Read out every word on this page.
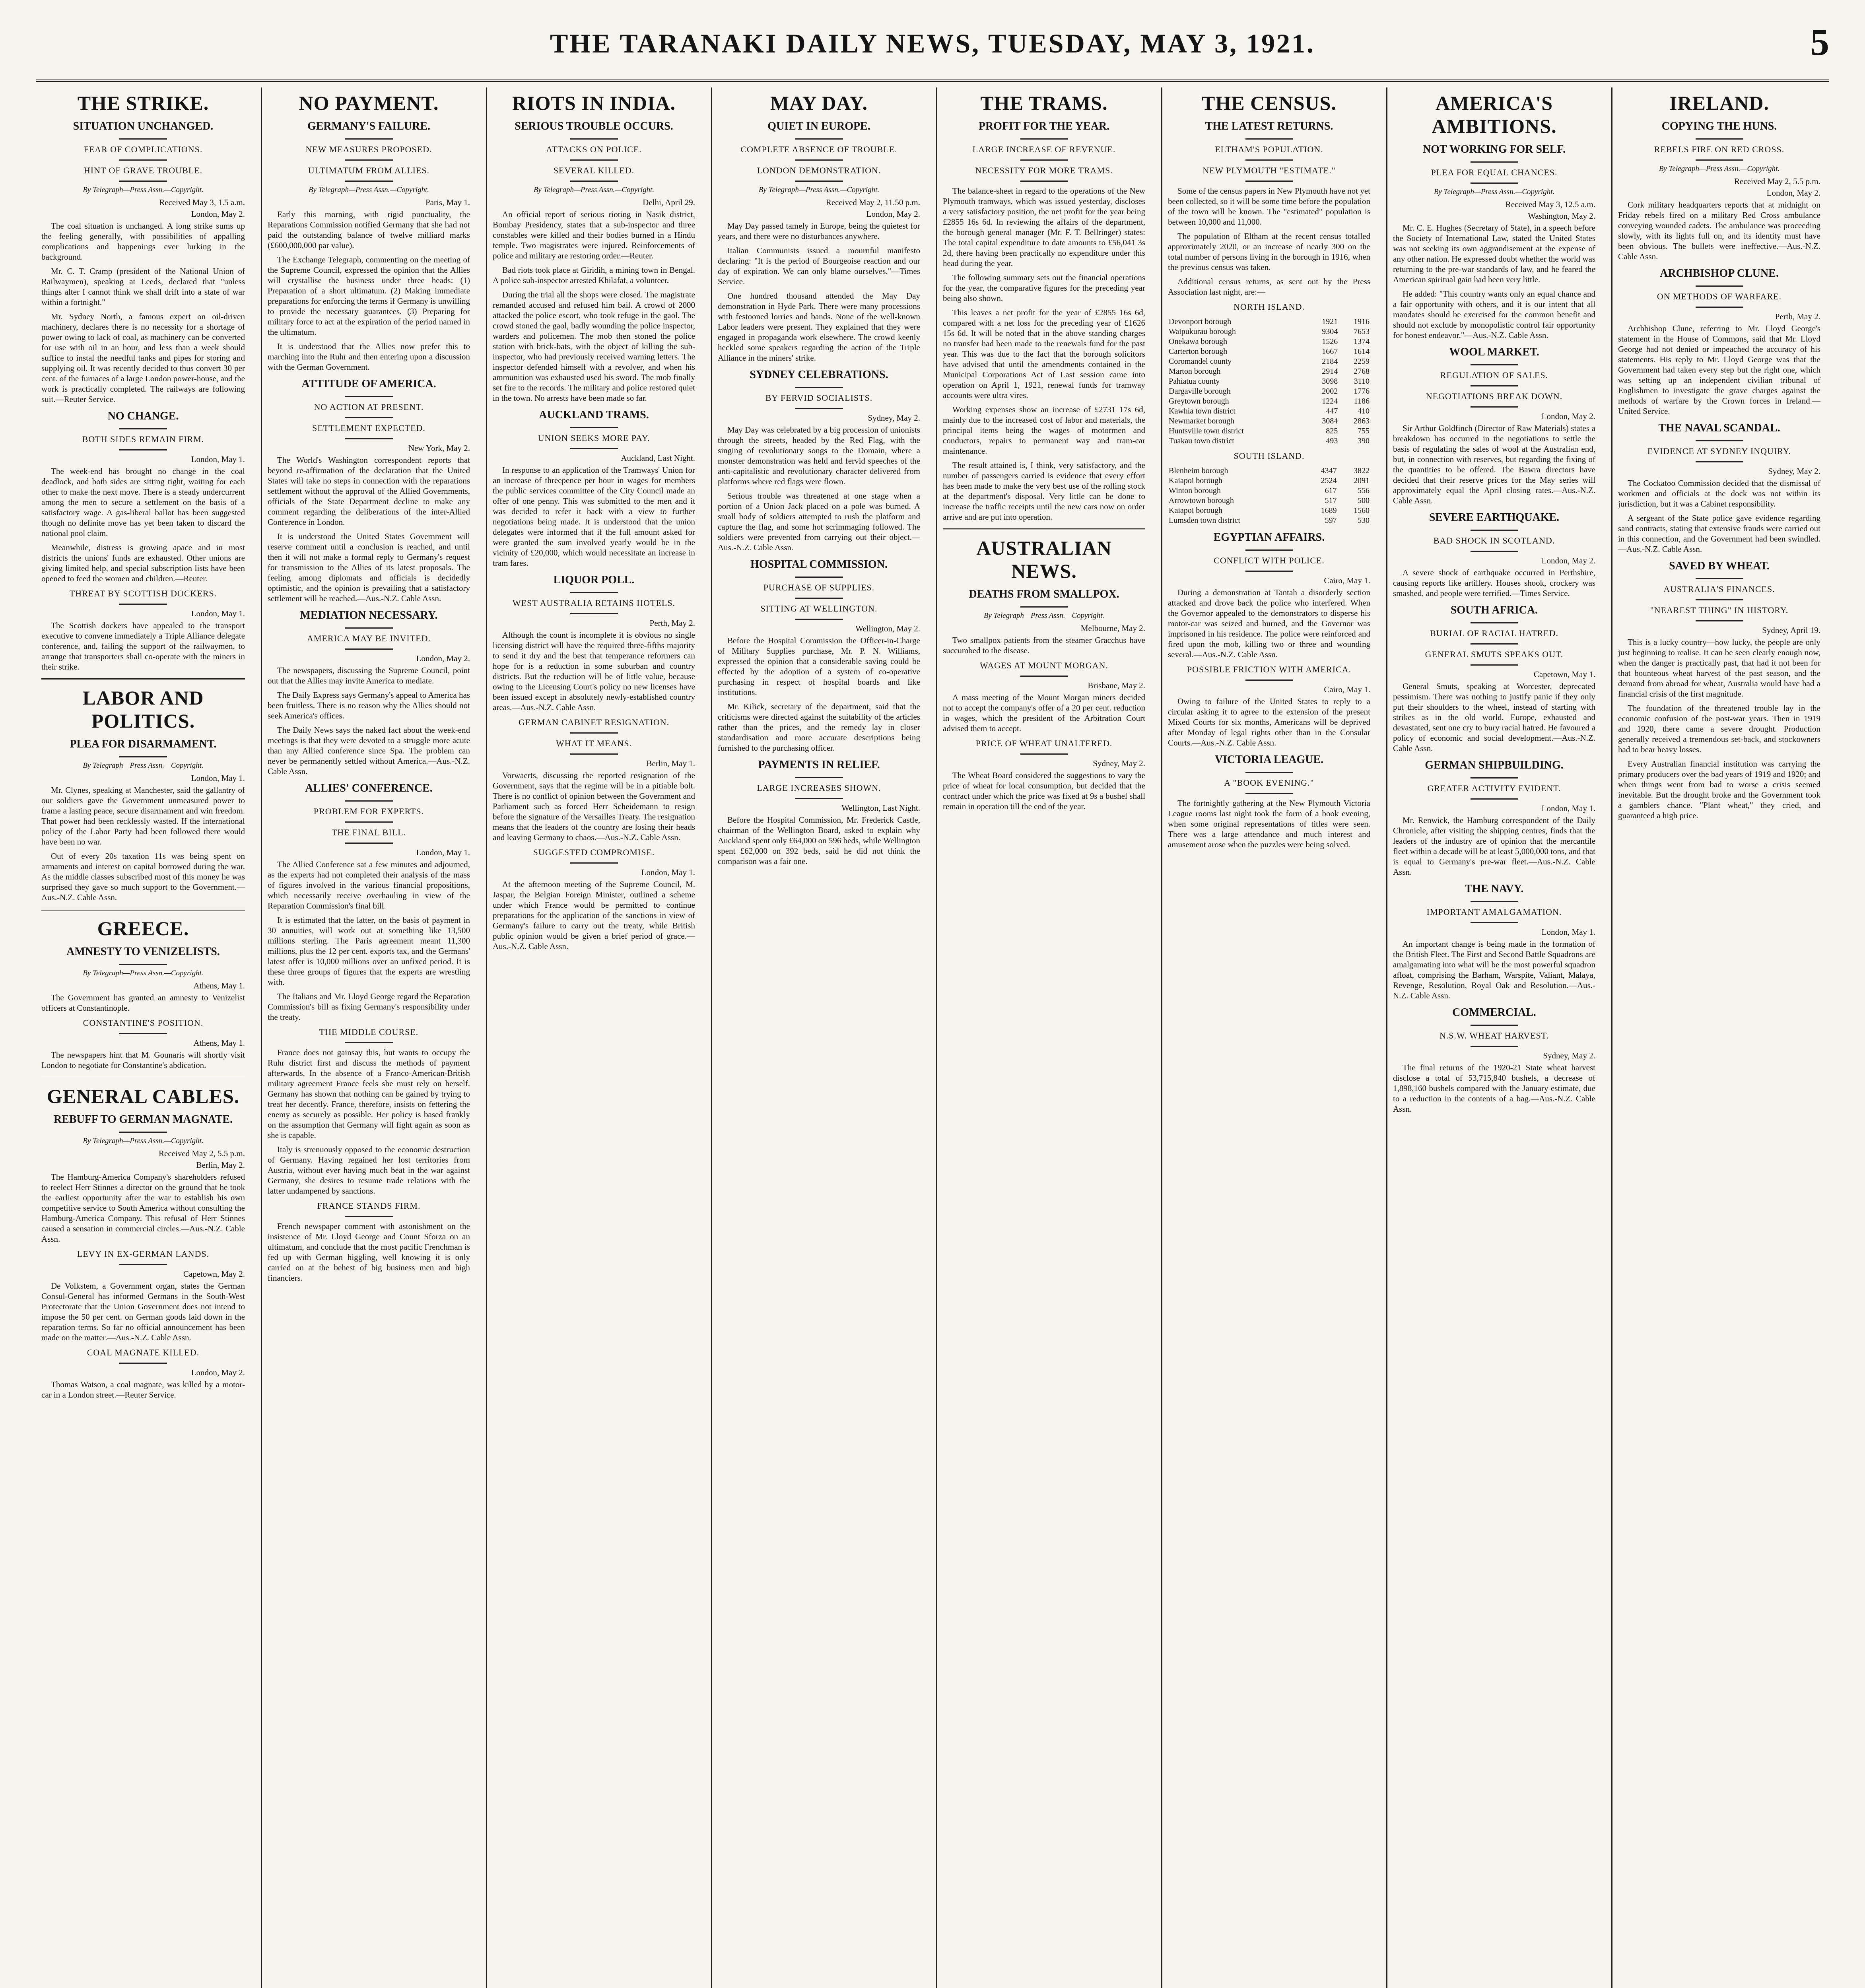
THE TARANAKI DAILY NEWS, TUESDAY, MAY 3, 1921.	5
THE STRIKE.
SITUATION UNCHANGED.
FEAR OF COMPLICATIONS.
HINT OF GRAVE TROUBLE.
By Telegraph—Press Assn.—Copyright.
Received May 3, 1.5 a.m.
London, May 2.

The coal situation is unchanged. A long strike sums up the feeling generally, with possibilities of appalling complications and happenings ever lurking in the background.

Mr. C. T. Cramp (president of the National Union of Railwaymen), speaking at Leeds, declared that "unless things alter I cannot think we shall drift into a state of war within a fortnight."

Mr. Sydney North, a famous expert on oil-driven machinery, declares there is no necessity for a shortage of power owing to lack of coal, as machinery can be converted for use with oil in an hour, and less than a week should suffice to instal the needful tanks and pipes for storing and supplying oil. It was recently decided to thus convert 30 per cent. of the furnaces of a large London power-house, and the work is practically completed. The railways are following suit.—Reuter Service.

NO CHANGE.
BOTH SIDES REMAIN FIRM.
London, May 1.

The week-end has brought no change in the coal deadlock, and both sides are sitting tight, waiting for each other to make the next move. There is a steady undercurrent among the men to secure a settlement on the basis of a satisfactory wage. A gas-liberal ballot has been suggested though no definite move has yet been taken to discard the national pool claim.

Meanwhile, distress is growing apace and in most districts the unions' funds are exhausted. Other unions are giving limited help, and special subscription lists have been opened to feed the women and children.—Reuter.

THREAT BY SCOTTISH DOCKERS.
London, May 1.

The Scottish dockers have appealed to the transport executive to convene immediately a Triple Alliance delegate conference, and, failing the support of the railwaymen, to arrange that transporters shall co-operate with the miners in their strike.

LABOR AND POLITICS.
PLEA FOR DISARMAMENT.
By Telegraph—Press Assn.—Copyright.
London, May 1.

Mr. Clynes, speaking at Manchester, said the gallantry of our soldiers gave the Government unmeasured power to frame a lasting peace, secure disarmament and win freedom. That power had been recklessly wasted. If the international policy of the Labor Party had been followed there would have been no war.

Out of every 20s taxation 11s was being spent on armaments and interest on capital borrowed during the war. As the middle classes subscribed most of this money he was surprised they gave so much support to the Government.—Aus.-N.Z. Cable Assn.

GREECE.
AMNESTY TO VENIZELISTS.
By Telegraph—Press Assn.—Copyright.
Athens, May 1.

The Government has granted an amnesty to Venizelist officers at Constantinople.

CONSTANTINE'S POSITION.
Athens, May 1.

The newspapers hint that M. Gounaris will shortly visit London to negotiate for Constantine's abdication.

GENERAL CABLES.
REBUFF TO GERMAN MAGNATE.
By Telegraph—Press Assn.—Copyright.
Received May 2, 5.5 p.m.
Berlin, May 2.

The Hamburg-America Company's shareholders refused to reelect Herr Stinnes a director on the ground that he took the earliest opportunity after the war to establish his own competitive service to South America without consulting the Hamburg-America Company. This refusal of Herr Stinnes caused a sensation in commercial circles.—Aus.-N.Z. Cable Assn.

LEVY IN EX-GERMAN LANDS.
Capetown, May 2.

De Volkstem, a Government organ, states the German Consul-General has informed Germans in the South-West Protectorate that the Union Government does not intend to impose the 50 per cent. on German goods laid down in the reparation terms. So far no official announcement has been made on the matter.—Aus.-N.Z. Cable Assn.

COAL MAGNATE KILLED.
London, May 2.

Thomas Watson, a coal magnate, was killed by a motor-car in a London street.—Reuter Service.

NO PAYMENT.
GERMANY'S FAILURE.
NEW MEASURES PROPOSED.
ULTIMATUM FROM ALLIES.
By Telegraph—Press Assn.—Copyright.
Paris, May 1.

Early this morning, with rigid punctuality, the Reparations Commission notified Germany that she had not paid the outstanding balance of twelve milliard marks (£600,000,000 par value).

The Exchange Telegraph, commenting on the meeting of the Supreme Council, expressed the opinion that the Allies will crystallise the business under three heads: (1) Preparation of a short ultimatum. (2) Making immediate preparations for enforcing the terms if Germany is unwilling to provide the necessary guarantees. (3) Preparing for military force to act at the expiration of the period named in the ultimatum.

It is understood that the Allies now prefer this to marching into the Ruhr and then entering upon a discussion with the German Government.

ATTITUDE OF AMERICA.
NO ACTION AT PRESENT.
SETTLEMENT EXPECTED.
New York, May 2.

The World's Washington correspondent reports that beyond re-affirmation of the declaration that the United States will take no steps in connection with the reparations settlement without the approval of the Allied Governments, officials of the State Department decline to make any comment regarding the deliberations of the inter-Allied Conference in London.

It is understood the United States Government will reserve comment until a conclusion is reached, and until then it will not make a formal reply to Germany's request for transmission to the Allies of its latest proposals. The feeling among diplomats and officials is decidedly optimistic, and the opinion is prevailing that a satisfactory settlement will be reached.—Aus.-N.Z. Cable Assn.

MEDIATION NECESSARY.
AMERICA MAY BE INVITED.
London, May 2.

The newspapers, discussing the Supreme Council, point out that the Allies may invite America to mediate.

The Daily Express says Germany's appeal to America has been fruitless. There is no reason why the Allies should not seek America's offices.

The Daily News says the naked fact about the week-end meetings is that they were devoted to a struggle more acute than any Allied conference since Spa. The problem can never be permanently settled without America.—Aus.-N.Z. Cable Assn.

ALLIES' CONFERENCE.
PROBLEM FOR EXPERTS.
THE FINAL BILL.
London, May 1.

The Allied Conference sat a few minutes and adjourned, as the experts had not completed their analysis of the mass of figures involved in the various financial propositions, which necessarily receive overhauling in view of the Reparation Commission's final bill.

It is estimated that the latter, on the basis of payment in 30 annuities, will work out at something like 13,500 millions sterling. The Paris agreement meant 11,300 millions, plus the 12 per cent. exports tax, and the Germans' latest offer is 10,000 millions over an unfixed period. It is these three groups of figures that the experts are wrestling with.

The Italians and Mr. Lloyd George regard the Reparation Commission's bill as fixing Germany's responsibility under the treaty.

THE MIDDLE COURSE.

France does not gainsay this, but wants to occupy the Ruhr district first and discuss the methods of payment afterwards. In the absence of a Franco-American-British military agreement France feels she must rely on herself. Germany has shown that nothing can be gained by trying to treat her decently. France, therefore, insists on fettering the enemy as securely as possible. Her policy is based frankly on the assumption that Germany will fight again as soon as she is capable.

Italy is strenuously opposed to the economic destruction of Germany. Having regained her lost territories from Austria, without ever having much beat in the war against Germany, she desires to resume trade relations with the latter undampened by sanctions.

FRANCE STANDS FIRM.

French newspaper comment with astonishment on the insistence of Mr. Lloyd George and Count Sforza on an ultimatum, and conclude that the most pacific Frenchman is fed up with German higgling, well knowing it is only carried on at the behest of big business men and high financiers.

RIOTS IN INDIA.
SERIOUS TROUBLE OCCURS.
ATTACKS ON POLICE.
SEVERAL KILLED.
By Telegraph—Press Assn.—Copyright.
Delhi, April 29.

An official report of serious rioting in Nasik district, Bombay Presidency, states that a sub-inspector and three constables were killed and their bodies burned in a Hindu temple. Two magistrates were injured. Reinforcements of police and military are restoring order.—Reuter.

Bad riots took place at Giridih, a mining town in Bengal. A police sub-inspector arrested Khilafat, a volunteer.

During the trial all the shops were closed. The magistrate remanded accused and refused him bail. A crowd of 2000 attacked the police escort, who took refuge in the gaol. The crowd stoned the gaol, badly wounding the police inspector, warders and policemen. The mob then stoned the police station with brick-bats, with the object of killing the sub-inspector, who had previously received warning letters. The inspector defended himself with a revolver, and when his ammunition was exhausted used his sword. The mob finally set fire to the records. The military and police restored quiet in the town. No arrests have been made so far.

AUCKLAND TRAMS.
UNION SEEKS MORE PAY.
Auckland, Last Night.

In response to an application of the Tramways' Union for an increase of threepence per hour in wages for members the public services committee of the City Council made an offer of one penny. This was submitted to the men and it was decided to refer it back with a view to further negotiations being made. It is understood that the union delegates were informed that if the full amount asked for were granted the sum involved yearly would be in the vicinity of £20,000, which would necessitate an increase in tram fares.

LIQUOR POLL.
WEST AUSTRALIA RETAINS HOTELS.
Perth, May 2.

Although the count is incomplete it is obvious no single licensing district will have the required three-fifths majority to send it dry and the best that temperance reformers can hope for is a reduction in some suburban and country districts. But the reduction will be of little value, because owing to the Licensing Court's policy no new licenses have been issued except in absolutely newly-established country areas.—Aus.-N.Z. Cable Assn.

GERMAN CABINET RESIGNATION.
WHAT IT MEANS.
Berlin, May 1.

Vorwaerts, discussing the reported resignation of the Government, says that the regime will be in a pitiable bolt. There is no conflict of opinion between the Government and Parliament such as forced Herr Scheidemann to resign before the signature of the Versailles Treaty. The resignation means that the leaders of the country are losing their heads and leaving Germany to chaos.—Aus.-N.Z. Cable Assn.

SUGGESTED COMPROMISE.
London, May 1.

At the afternoon meeting of the Supreme Council, M. Jaspar, the Belgian Foreign Minister, outlined a scheme under which France would be permitted to continue preparations for the application of the sanctions in view of Germany's failure to carry out the treaty, while British public opinion would be given a brief period of grace.—Aus.-N.Z. Cable Assn.

MAY DAY.
QUIET IN EUROPE.
COMPLETE ABSENCE OF TROUBLE.
LONDON DEMONSTRATION.
By Telegraph—Press Assn.—Copyright.
Received May 2, 11.50 p.m.
London, May 2.

May Day passed tamely in Europe, being the quietest for years, and there were no disturbances anywhere.

Italian Communists issued a mournful manifesto declaring: "It is the period of Bourgeoise reaction and our day of expiration. We can only blame ourselves."—Times Service.

One hundred thousand attended the May Day demonstration in Hyde Park. There were many processions with festooned lorries and bands. None of the well-known Labor leaders were present. They explained that they were engaged in propaganda work elsewhere. The crowd keenly heckled some speakers regarding the action of the Triple Alliance in the miners' strike.

SYDNEY CELEBRATIONS.
BY FERVID SOCIALISTS.
Sydney, May 2.

May Day was celebrated by a big procession of unionists through the streets, headed by the Red Flag, with the singing of revolutionary songs to the Domain, where a monster demonstration was held and fervid speeches of the anti-capitalistic and revolutionary character delivered from platforms where red flags were flown.

Serious trouble was threatened at one stage when a portion of a Union Jack placed on a pole was burned. A small body of soldiers attempted to rush the platform and capture the flag, and some hot scrimmaging followed. The soldiers were prevented from carrying out their object.—Aus.-N.Z. Cable Assn.

HOSPITAL COMMISSION.
PURCHASE OF SUPPLIES.
SITTING AT WELLINGTON.
Wellington, May 2.

Before the Hospital Commission the Officer-in-Charge of Military Supplies purchase, Mr. P. N. Williams, expressed the opinion that a considerable saving could be effected by the adoption of a system of co-operative purchasing in respect of hospital boards and like institutions.

Mr. Kilick, secretary of the department, said that the criticisms were directed against the suitability of the articles rather than the prices, and the remedy lay in closer standardisation and more accurate descriptions being furnished to the purchasing officer.

PAYMENTS IN RELIEF.
LARGE INCREASES SHOWN.
Wellington, Last Night.

Before the Hospital Commission, Mr. Frederick Castle, chairman of the Wellington Board, asked to explain why Auckland spent only £64,000 on 596 beds, while Wellington spent £62,000 on 392 beds, said he did not think the comparison was a fair one.

THE TRAMS.
PROFIT FOR THE YEAR.
LARGE INCREASE OF REVENUE.
NECESSITY FOR MORE TRAMS.

The balance-sheet in regard to the operations of the New Plymouth tramways, which was issued yesterday, discloses a very satisfactory position, the net profit for the year being £2855 16s 6d. In reviewing the affairs of the department, the borough general manager (Mr. F. T. Bellringer) states: The total capital expenditure to date amounts to £56,041 3s 2d, there having been practically no expenditure under this head during the year.

The following summary sets out the financial operations for the year, the comparative figures for the preceding year being also shown.

This leaves a net profit for the year of £2855 16s 6d, compared with a net loss for the preceding year of £1626 15s 6d. It will be noted that in the above standing charges no transfer had been made to the renewals fund for the past year. This was due to the fact that the borough solicitors have advised that until the amendments contained in the Municipal Corporations Act of Last session came into operation on April 1, 1921, renewal funds for tramway accounts were ultra vires.

Working expenses show an increase of £2731 17s 6d, mainly due to the increased cost of labor and materials, the principal items being the wages of motormen and conductors, repairs to permanent way and tram-car maintenance.

The result attained is, I think, very satisfactory, and the number of passengers carried is evidence that every effort has been made to make the very best use of the rolling stock at the department's disposal. Very little can be done to increase the traffic receipts until the new cars now on order arrive and are put into operation.

AUSTRALIAN NEWS.
DEATHS FROM SMALLPOX.
By Telegraph—Press Assn.—Copyright.
Melbourne, May 2.

Two smallpox patients from the steamer Gracchus have succumbed to the disease.

WAGES AT MOUNT MORGAN.
Brisbane, May 2.

A mass meeting of the Mount Morgan miners decided not to accept the company's offer of a 20 per cent. reduction in wages, which the president of the Arbitration Court advised them to accept.

PRICE OF WHEAT UNALTERED.
Sydney, May 2.

The Wheat Board considered the suggestions to vary the price of wheat for local consumption, but decided that the contract under which the price was fixed at 9s a bushel shall remain in operation till the end of the year.

THE CENSUS.
THE LATEST RETURNS.
ELTHAM'S POPULATION.
NEW PLYMOUTH "ESTIMATE."

Some of the census papers in New Plymouth have not yet been collected, so it will be some time before the population of the town will be known. The "estimated" population is between 10,000 and 11,000.

The population of Eltham at the recent census totalled approximately 2020, or an increase of nearly 300 on the total number of persons living in the borough in 1916, when the previous census was taken.

Additional census returns, as sent out by the Press Association last night, are:—

NORTH ISLAND.
Devonport borough	1921	1916
Waipukurau borough	9304	7653
Onekawa borough	1526	1374
Carterton borough	1667	1614
Coromandel county	2184	2259
Marton borough	2914	2768
Pahiatua county	3098	3110
Dargaville borough	2002	1776
Greytown borough	1224	1186
Kawhia town district	447	410
Newmarket borough	3084	2863
Huntsville town district	825	755
Tuakau town district	493	390
SOUTH ISLAND.
Blenheim borough	4347	3822
Kaiapoi borough	2524	2091
Winton borough	617	556
Arrowtown borough	517	500
Kaiapoi borough	1689	1560
Lumsden town district	597	530
EGYPTIAN AFFAIRS.
CONFLICT WITH POLICE.
Cairo, May 1.

During a demonstration at Tantah a disorderly section attacked and drove back the police who interfered. When the Governor appealed to the demonstrators to disperse his motor-car was seized and burned, and the Governor was imprisoned in his residence. The police were reinforced and fired upon the mob, killing two or three and wounding several.—Aus.-N.Z. Cable Assn.

POSSIBLE FRICTION WITH AMERICA.
Cairo, May 1.

Owing to failure of the United States to reply to a circular asking it to agree to the extension of the present Mixed Courts for six months, Americans will be deprived after Monday of legal rights other than in the Consular Courts.—Aus.-N.Z. Cable Assn.

VICTORIA LEAGUE.
A "BOOK EVENING."

The fortnightly gathering at the New Plymouth Victoria League rooms last night took the form of a book evening, when some original representations of titles were seen. There was a large attendance and much interest and amusement arose when the puzzles were being solved.

AMERICA'S AMBITIONS.
NOT WORKING FOR SELF.
PLEA FOR EQUAL CHANCES.
By Telegraph—Press Assn.—Copyright.
Received May 3, 12.5 a.m.
Washington, May 2.

Mr. C. E. Hughes (Secretary of State), in a speech before the Society of International Law, stated the United States was not seeking its own aggrandisement at the expense of any other nation. He expressed doubt whether the world was returning to the pre-war standards of law, and he feared the American spiritual gain had been very little.

He added: "This country wants only an equal chance and a fair opportunity with others, and it is our intent that all mandates should be exercised for the common benefit and should not exclude by monopolistic control fair opportunity for honest endeavor."—Aus.-N.Z. Cable Assn.

WOOL MARKET.
REGULATION OF SALES.
NEGOTIATIONS BREAK DOWN.
London, May 2.

Sir Arthur Goldfinch (Director of Raw Materials) states a breakdown has occurred in the negotiations to settle the basis of regulating the sales of wool at the Australian end, but, in connection with reserves, but regarding the fixing of the quantities to be offered. The Bawra directors have decided that their reserve prices for the May series will approximately equal the April closing rates.—Aus.-N.Z. Cable Assn.

SEVERE EARTHQUAKE.
BAD SHOCK IN SCOTLAND.
London, May 2.

A severe shock of earthquake occurred in Perthshire, causing reports like artillery. Houses shook, crockery was smashed, and people were terrified.—Times Service.

SOUTH AFRICA.
BURIAL OF RACIAL HATRED.
GENERAL SMUTS SPEAKS OUT.
Capetown, May 1.

General Smuts, speaking at Worcester, deprecated pessimism. There was nothing to justify panic if they only put their shoulders to the wheel, instead of starting with strikes as in the old world. Europe, exhausted and devastated, sent one cry to bury racial hatred. He favoured a policy of economic and social development.—Aus.-N.Z. Cable Assn.

GERMAN SHIPBUILDING.
GREATER ACTIVITY EVIDENT.
London, May 1.

Mr. Renwick, the Hamburg correspondent of the Daily Chronicle, after visiting the shipping centres, finds that the leaders of the industry are of opinion that the mercantile fleet within a decade will be at least 5,000,000 tons, and that is equal to Germany's pre-war fleet.—Aus.-N.Z. Cable Assn.

THE NAVY.
IMPORTANT AMALGAMATION.
London, May 1.

An important change is being made in the formation of the British Fleet. The First and Second Battle Squadrons are amalgamating into what will be the most powerful squadron afloat, comprising the Barham, Warspite, Valiant, Malaya, Revenge, Resolution, Royal Oak and Resolution.—Aus.-N.Z. Cable Assn.

COMMERCIAL.
N.S.W. WHEAT HARVEST.
Sydney, May 2.

The final returns of the 1920-21 State wheat harvest disclose a total of 53,715,840 bushels, a decrease of 1,898,160 bushels compared with the January estimate, due to a reduction in the contents of a bag.—Aus.-N.Z. Cable Assn.

IRELAND.
COPYING THE HUNS.
REBELS FIRE ON RED CROSS.
By Telegraph—Press Assn.—Copyright.
Received May 2, 5.5 p.m.
London, May 2.

Cork military headquarters reports that at midnight on Friday rebels fired on a military Red Cross ambulance conveying wounded cadets. The ambulance was proceeding slowly, with its lights full on, and its identity must have been obvious. The bullets were ineffective.—Aus.-N.Z. Cable Assn.

ARCHBISHOP CLUNE.
ON METHODS OF WARFARE.
Perth, May 2.

Archbishop Clune, referring to Mr. Lloyd George's statement in the House of Commons, said that Mr. Lloyd George had not denied or impeached the accuracy of his statements. His reply to Mr. Lloyd George was that the Government had taken every step but the right one, which was setting up an independent civilian tribunal of Englishmen to investigate the grave charges against the methods of warfare by the Crown forces in Ireland.—United Service.

THE NAVAL SCANDAL.
EVIDENCE AT SYDNEY INQUIRY.
Sydney, May 2.

The Cockatoo Commission decided that the dismissal of workmen and officials at the dock was not within its jurisdiction, but it was a Cabinet responsibility.

A sergeant of the State police gave evidence regarding sand contracts, stating that extensive frauds were carried out in this connection, and the Government had been swindled.—Aus.-N.Z. Cable Assn.

SAVED BY WHEAT.
AUSTRALIA'S FINANCES.
"NEAREST THING" IN HISTORY.
Sydney, April 19.

This is a lucky country—how lucky, the people are only just beginning to realise. It can be seen clearly enough now, when the danger is practically past, that had it not been for that bounteous wheat harvest of the past season, and the demand from abroad for wheat, Australia would have had a financial crisis of the first magnitude.

The foundation of the threatened trouble lay in the economic confusion of the post-war years. Then in 1919 and 1920, there came a severe drought. Production generally received a tremendous set-back, and stockowners had to bear heavy losses.

Every Australian financial institution was carrying the primary producers over the bad years of 1919 and 1920; and when things went from bad to worse a crisis seemed inevitable. But the drought broke and the Government took a gamblers chance. "Plant wheat," they cried, and guaranteed a high price.
